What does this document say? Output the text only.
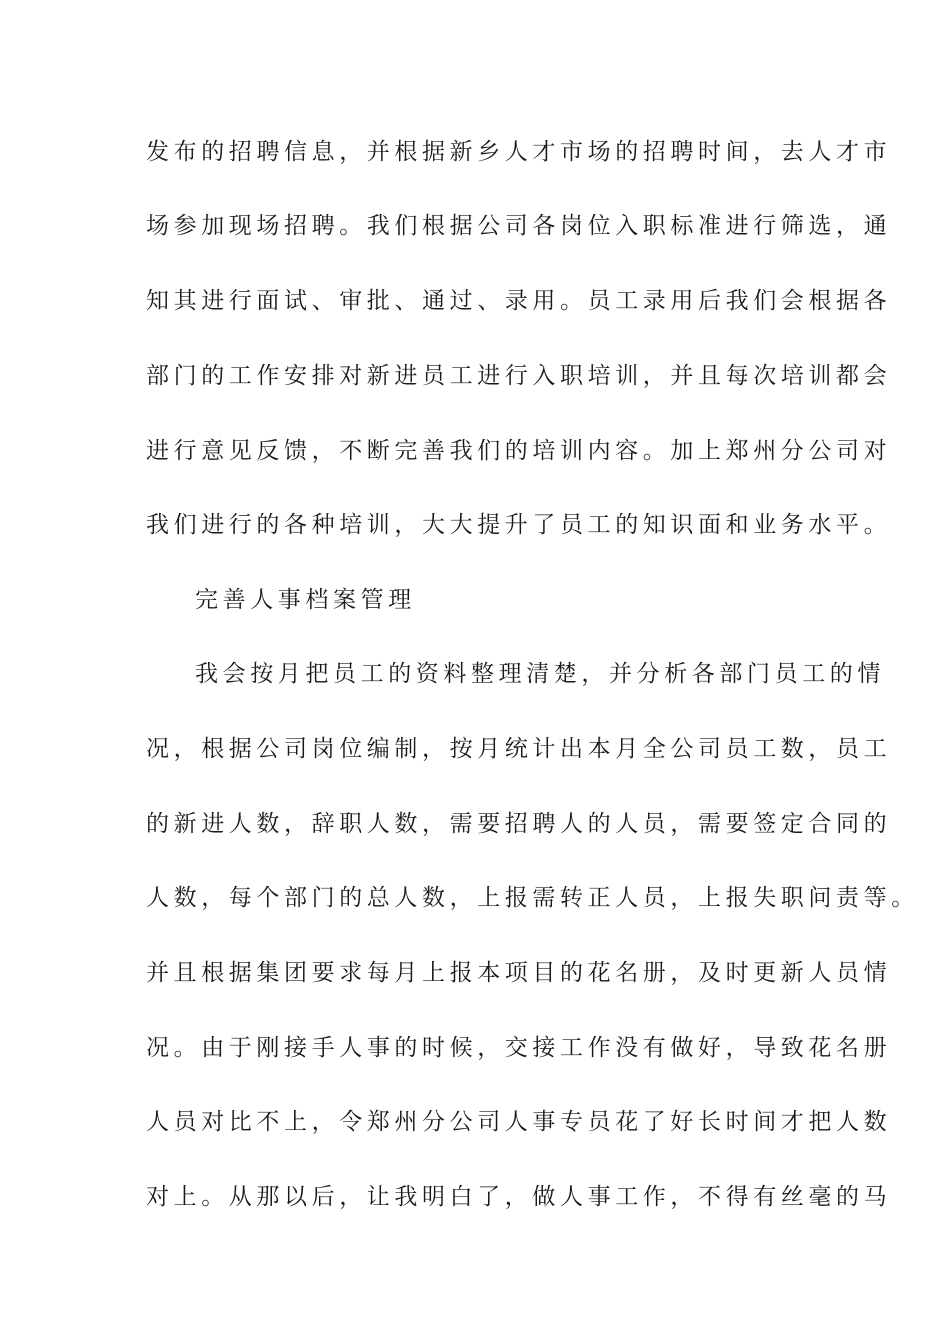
发布的招聘信息，并根据新乡人才市场的招聘时间，去人才市
场参加现场招聘。我们根据公司各岗位入职标准进行筛选，通
知其进行面试、审批、通过、录用。员工录用后我们会根据各
部门的工作安排对新进员工进行入职培训，并且每次培训都会
进行意见反馈，不断完善我们的培训内容。加上郑州分公司对
我们进行的各种培训，大大提升了员工的知识面和业务水平。
完善人事档案管理
我会按月把员工的资料整理清楚，并分析各部门员工的情
况，根据公司岗位编制，按月统计出本月全公司员工数，员工
的新进人数，辞职人数，需要招聘人的人员，需要签定合同的
人数，每个部门的总人数，上报需转正人员，上报失职问责等。
并且根据集团要求每月上报本项目的花名册，及时更新人员情
况。由于刚接手人事的时候，交接工作没有做好，导致花名册
人员对比不上，令郑州分公司人事专员花了好长时间才把人数
对上。从那以后，让我明白了，做人事工作，不得有丝毫的马
